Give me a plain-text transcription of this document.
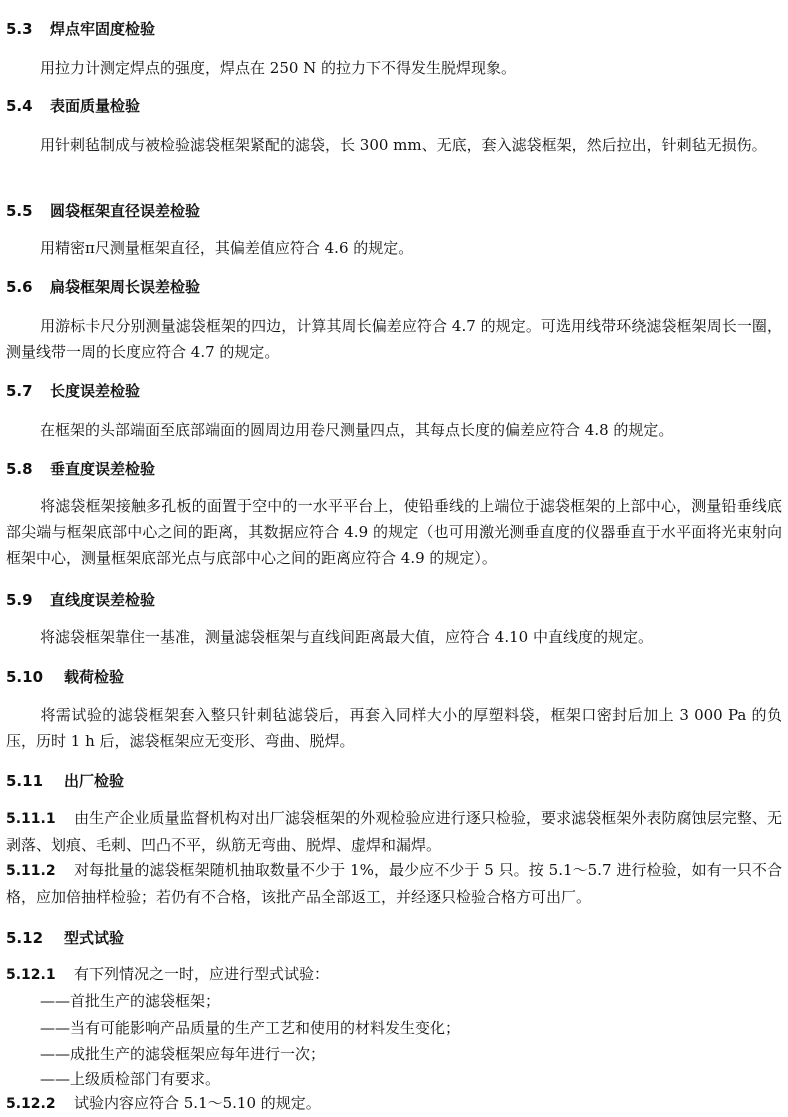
5.3 焊点牢固度检验

用拉力计测定焊点的强度，焊点在 250 N 的拉力下不得发生脱焊现象。

5.4 表面质量检验

用针刺毡制成与被检验滤袋框架紧配的滤袋，长 300 mm、无底，套入滤袋框架，然后拉出，针刺毡无损伤。

5.5 圆袋框架直径误差检验

用精密π尺测量框架直径，其偏差值应符合 4.6 的规定。

5.6 扁袋框架周长误差检验

用游标卡尺分别测量滤袋框架的四边，计算其周长偏差应符合 4.7 的规定。可选用线带环绕滤袋框架周长一圈，测量线带一周的长度应符合 4.7 的规定。

5.7 长度误差检验

在框架的头部端面至底部端面的圆周边用卷尺测量四点，其每点长度的偏差应符合 4.8 的规定。

5.8 垂直度误差检验

将滤袋框架接触多孔板的面置于空中的一水平平台上，使铅垂线的上端位于滤袋框架的上部中心，测量铅垂线底部尖端与框架底部中心之间的距离，其数据应符合 4.9 的规定（也可用激光测垂直度的仪器垂直于水平面将光束射向框架中心，测量框架底部光点与底部中心之间的距离应符合 4.9 的规定）。

5.9 直线度误差检验

将滤袋框架靠住一基准，测量滤袋框架与直线间距离最大值，应符合 4.10 中直线度的规定。

5.10 载荷检验

将需试验的滤袋框架套入整只针刺毡滤袋后，再套入同样大小的厚塑料袋，框架口密封后加上 3 000 Pa 的负压，历时 1 h 后，滤袋框架应无变形、弯曲、脱焊。

5.11 出厂检验

5.11.1 由生产企业质量监督机构对出厂滤袋框架的外观检验应进行逐只检验，要求滤袋框架外表防腐蚀层完整、无剥落、划痕、毛刺、凹凸不平，纵筋无弯曲、脱焊、虚焊和漏焊。

5.11.2 对每批量的滤袋框架随机抽取数量不少于 1%，最少应不少于 5 只。按 5.1～5.7 进行检验，如有一只不合格，应加倍抽样检验；若仍有不合格，该批产品全部返工，并经逐只检验合格方可出厂。

5.12 型式试验

5.12.1 有下列情况之一时，应进行型式试验：

——首批生产的滤袋框架；

——当有可能影响产品质量的生产工艺和使用的材料发生变化；

——成批生产的滤袋框架应每年进行一次；

——上级质检部门有要求。

5.12.2 试验内容应符合 5.1～5.10 的规定。
